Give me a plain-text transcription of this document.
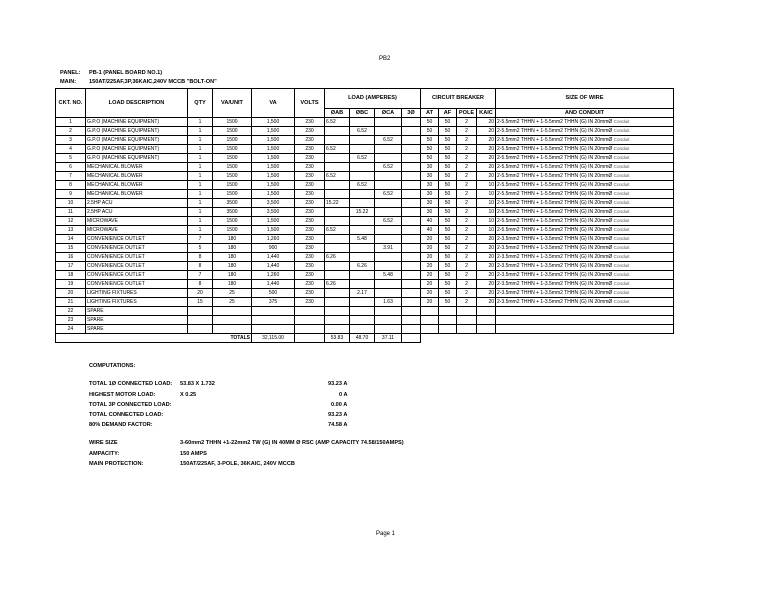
PB2
PANEL: PB-1 (PANEL BOARD NO.1)
MAIN: 150AT/225AF,3P,36KAIC,240V MCCB "BOLT-ON"
CKT. NO.	LOAD DESCRIPTION	QTY	VA/UNIT	VA	VOLTS	LOAD (AMPERES)				CIRCUIT BREAKER				SIZE OF WIRE
						ØAB	ØBC	ØCA	3Ø	AT	AF	POLE	KAIC	AND CONDUIT
1	G.P.O (MACHINE EQUIPMENT)	1	1500	1,500	230	6.52				50	50	2	20	2-5.5mm2 THHN + 1-5.5mm2 THHN (G) IN 20mmØ Conduit
2	G.P.O (MACHINE EQUIPMENT)	1	1500	1,500	230		6.52			50	50	2	20	2-5.5mm2 THHN + 1-5.5mm2 THHN (G) IN 20mmØ Conduit
3	G.P.O (MACHINE EQUIPMENT)	1	1500	1,500	230			6.52		50	50	2	20	2-5.5mm2 THHN + 1-5.5mm2 THHN (G) IN 20mmØ Conduit
4	G.P.O (MACHINE EQUIPMENT)	1	1500	1,500	230	6.52				50	50	2	20	2-5.5mm2 THHN + 1-5.5mm2 THHN (G) IN 20mmØ Conduit
5	G.P.O (MACHINE EQUIPMENT)	1	1500	1,500	230		6.52			50	50	2	20	2-5.5mm2 THHN + 1-5.5mm2 THHN (G) IN 20mmØ Conduit
6	MECHANICAL BLOWER	1	1500	1,500	230			6.52		30	50	2	20	2-5.5mm2 THHN + 1-5.5mm2 THHN (G) IN 20mmØ Conduit
7	MECHANICAL BLOWER	1	1500	1,500	230	6.52				30	50	2	20	2-5.5mm2 THHN + 1-5.5mm2 THHN (G) IN 20mmØ Conduit
8	MECHANICAL BLOWER	1	1500	1,500	230		6.52			30	50	2	10	2-5.5mm2 THHN + 1-5.5mm2 THHN (G) IN 20mmØ Conduit
9	MECHANICAL BLOWER	1	1500	1,500	230			6.52		30	50	2	10	2-5.5mm2 THHN + 1-5.5mm2 THHN (G) IN 20mmØ Conduit
10	2.5HP ACU	1	3500	3,500	230	15.22				30	50	2	10	2-5.5mm2 THHN + 1-5.5mm2 THHN (G) IN 20mmØ Conduit
11	2.5HP ACU	1	3500	3,500	230		15.22			30	50	2	10	2-5.5mm2 THHN + 1-5.5mm2 THHN (G) IN 20mmØ Conduit
12	MICROWAVE	1	1500	1,500	230			6.52		40	50	2	10	2-5.5mm2 THHN + 1-5.5mm2 THHN (G) IN 20mmØ Conduit
13	MICROWAVE	1	1500	1,500	230	6.52				40	50	2	10	2-5.5mm2 THHN + 1-5.5mm2 THHN (G) IN 20mmØ Conduit
14	CONVENIENCE OUTLET	7	180	1,260	230		5.48			20	50	2	20	2-3.5mm2 THHN + 1-3.5mm2 THHN (G) IN 20mmØ Conduit
15	CONVENIENCE OUTLET	5	180	900	230			3.91		20	50	2	20	2-3.5mm2 THHN + 1-3.5mm2 THHN (G) IN 20mmØ Conduit
16	CONVENIENCE OUTLET	8	180	1,440	230	6.26				20	50	2	20	2-3.5mm2 THHN + 1-3.5mm2 THHN (G) IN 20mmØ Conduit
17	CONVENIENCE OUTLET	8	180	1,440	230		6.26			20	50	2	20	2-3.5mm2 THHN + 1-3.5mm2 THHN (G) IN 20mmØ Conduit
18	CONVENIENCE OUTLET	7	180	1,260	230			5.48		20	50	2	20	2-3.5mm2 THHN + 1-3.5mm2 THHN (G) IN 20mmØ Conduit
19	CONVENIENCE OUTLET	8	180	1,440	230	6.26				20	50	2	20	2-3.5mm2 THHN + 1-3.5mm2 THHN (G) IN 20mmØ Conduit
20	LIGHTING FIXTURES	20	25	500	230		2.17			20	50	2	20	2-3.5mm2 THHN + 1-3.5mm2 THHN (G) IN 20mmØ Conduit
21	LIGHTING FIXTURES	15	25	375	230			1.63		20	50	2	20	2-3.5mm2 THHN + 1-3.5mm2 THHN (G) IN 20mmØ Conduit
22	SPARE													
23	SPARE													
24	SPARE													
TOTALS				32,115.00		53.83	48.70	37.11						
COMPUTATIONS:
TOTAL 1Ø CONNECTED LOAD: 53.83 X 1.732	93.23 A
HIGHEST MOTOR LOAD:	X 0.25	0 A
TOTAL 3P CONNECTED LOAD:	0.00 A
TOTAL CONNECTED LOAD:	93.23 A
80% DEMAND FACTOR:	74.58 A
WIRE SIZE	3-60mm2 THHN +1-22mm2 TW (G) IN 40MM Ø RSC (AMP CAPACITY 74.58/150AMPS)
AMPACITY:	150 AMPS
MAIN PROTECTION:	150AT/225AF, 3-POLE, 36KAIC, 240V MCCB
Page 1
